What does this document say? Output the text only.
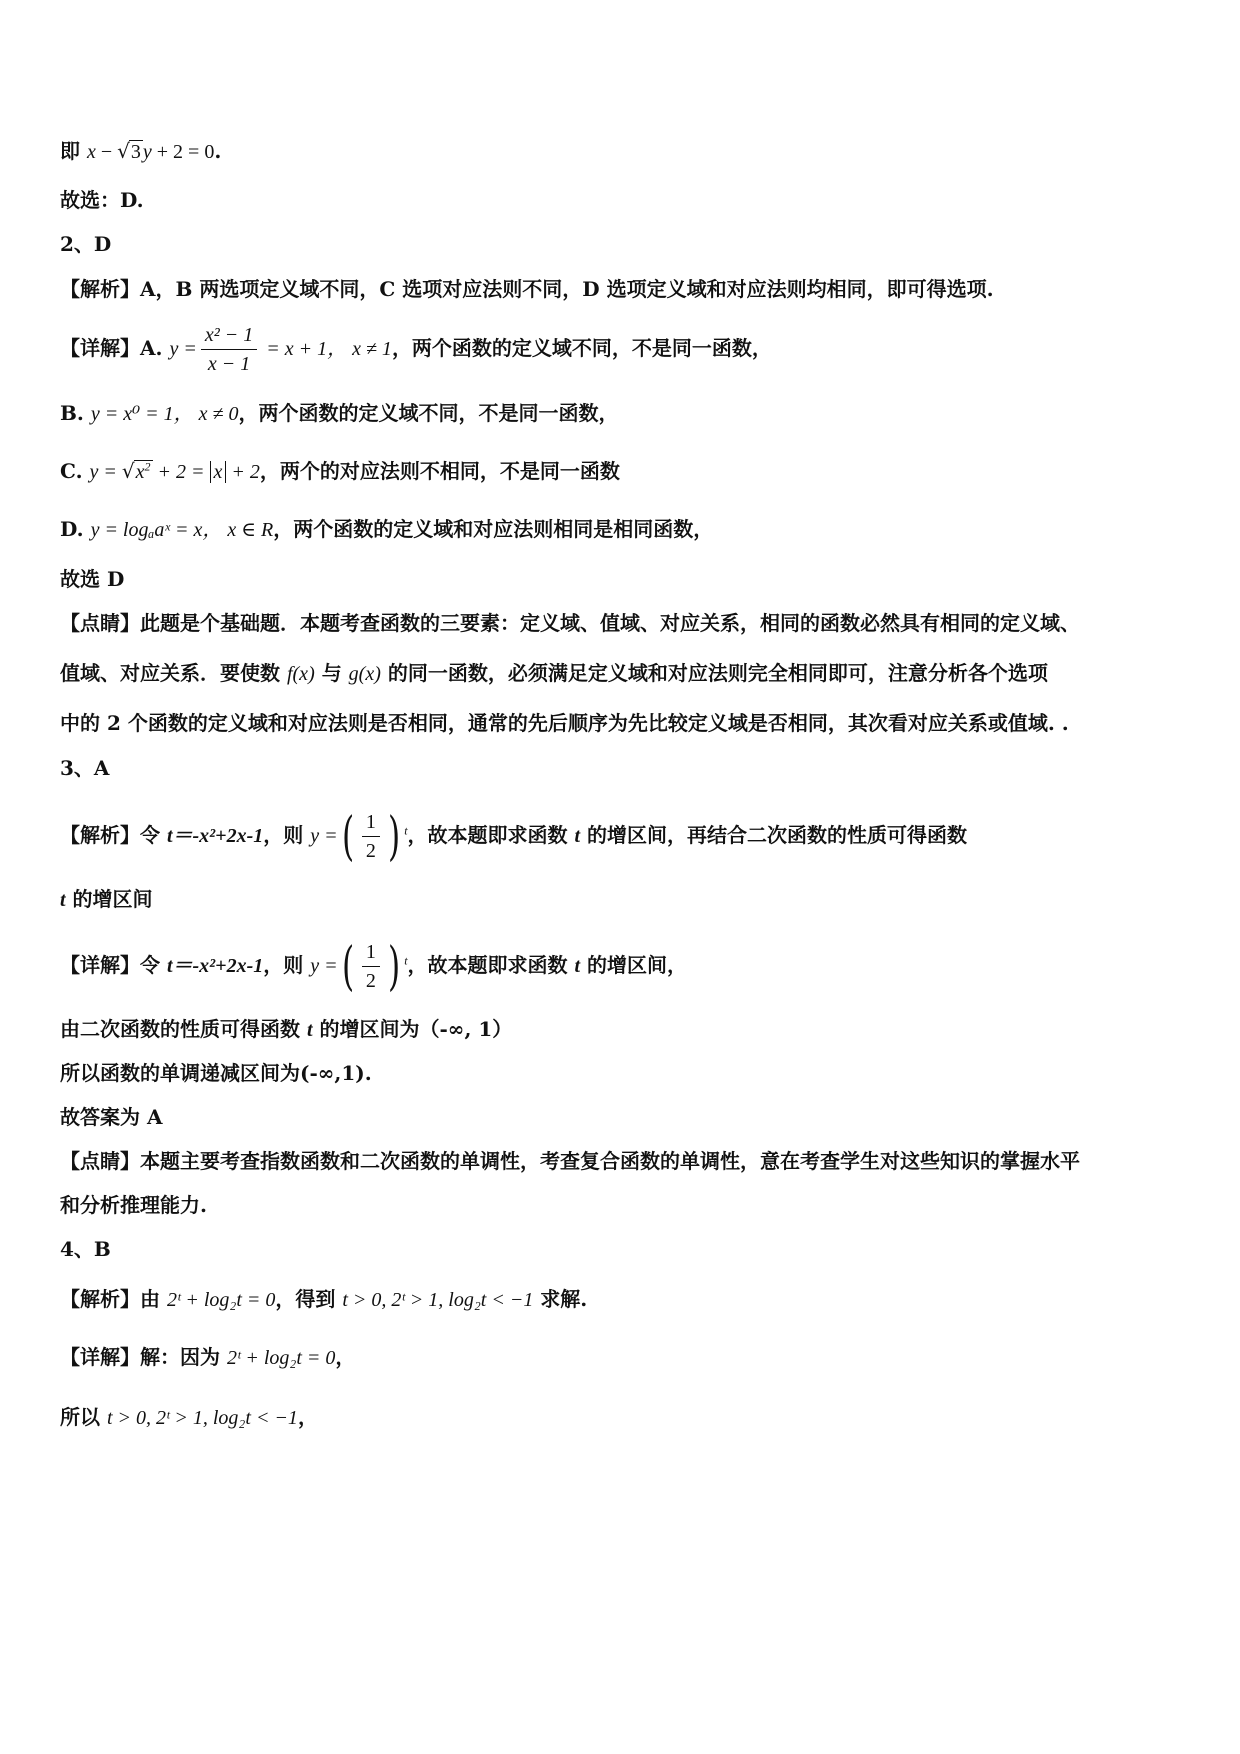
即 x − √3 y + 2 = 0.
故选：D.
2、D
【解析】A，B 两选项定义域不同，C 选项对应法则不同，D 选项定义域和对应法则均相同，即可得选项.
【详解】A. $y = \frac{\text{x² − 1}}{x - 1} = x + 1$， x ≠ 1，两个函数的定义域不同，不是同一函数，
B. y = x⁰ = 1， x ≠ 0，两个函数的定义域不同，不是同一函数，
C. $y = √x^2 + 2 = x + 2$，两个的对应法则不相同，不是同一函数
D. y = logₐaˣ = x， x ∈ R，两个函数的定义域和对应法则相同是相同函数，
故选 D
【点睛】此题是个基础题．本题考查函数的三要素：定义域、值域、对应关系，相同的函数必然具有相同的定义域、
值域、对应关系．要使数 f(x) 与 g(x) 的同一函数，必须满足定义域和对应法则完全相同即可，注意分析各个选项
中的 2 个函数的定义域和对应法则是否相同，通常的先后顺序为先比较定义域是否相同，其次看对应关系或值域. .
3、A
【解析】令 t＝-x²+2x-1，则 y =( $\frac{1}{2}$ ) $^t$，故本题即求函数 t 的增区间，再结合二次函数的性质可得函数
t 的增区间
【详解】令 t＝-x²+2x-1，则 y =( $\frac{1}{2}$ ) $^t$，故本题即求函数 t 的增区间，
由二次函数的性质可得函数 t 的增区间为（-∞, 1）
所以函数的单调递减区间为(-∞,1).
故答案为 A
【点睛】本题主要考查指数函数和二次函数的单调性，考查复合函数的单调性，意在考查学生对这些知识的掌握水平
和分析推理能力.
4、B
【解析】由 2ᵗ + log₂t = 0，得到 t > 0, 2ᵗ > 1, log₂t < −1 求解.
【详解】解：因为 2ᵗ + log₂t = 0，
所以 t > 0, 2ᵗ > 1, log₂t < −1，
